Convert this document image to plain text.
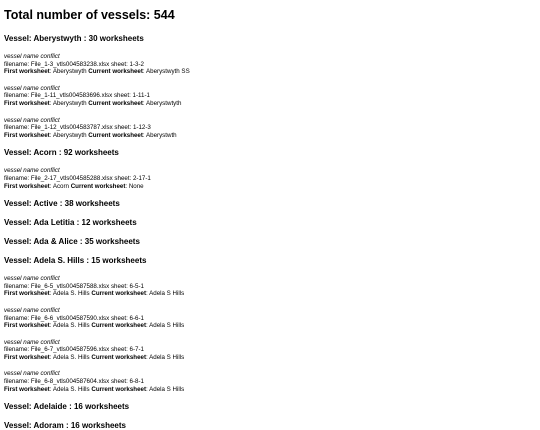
Total number of vessels: 544
Vessel: Aberystwyth : 30 worksheets
vessel name conflict
filename: File_1-3_vtls004583238.xlsx sheet: 1-3-2
First worksheet: Aberystwyth Current worksheet: Aberystwyth SS
vessel name conflict
filename: File_1-11_vtls004583696.xlsx sheet: 1-11-1
First worksheet: Aberystwyth Current worksheet: Aberystwtyth
vessel name conflict
filename: File_1-12_vtls004583787.xlsx sheet: 1-12-3
First worksheet: Aberystwyth Current worksheet: Aberystwth
Vessel: Acorn : 92 worksheets
vessel name conflict
filename: File_2-17_vtls004585288.xlsx sheet: 2-17-1
First worksheet: Acorn Current worksheet: None
Vessel: Active : 38 worksheets
Vessel: Ada Letitia : 12 worksheets
Vessel: Ada & Alice : 35 worksheets
Vessel: Adela S. Hills : 15 worksheets
vessel name conflict
filename: File_6-5_vtls004587588.xlsx sheet: 6-5-1
First worksheet: Adela S. Hills Current worksheet: Adela S Hills
vessel name conflict
filename: File_6-6_vtls004587590.xlsx sheet: 6-6-1
First worksheet: Adela S. Hills Current worksheet: Adela S Hills
vessel name conflict
filename: File_6-7_vtls004587596.xlsx sheet: 6-7-1
First worksheet: Adela S. Hills Current worksheet: Adela S Hills
vessel name conflict
filename: File_6-8_vtls004587604.xlsx sheet: 6-8-1
First worksheet: Adela S. Hills Current worksheet: Adela S Hills
Vessel: Adelaide : 16 worksheets
Vessel: Adoram : 16 worksheets
